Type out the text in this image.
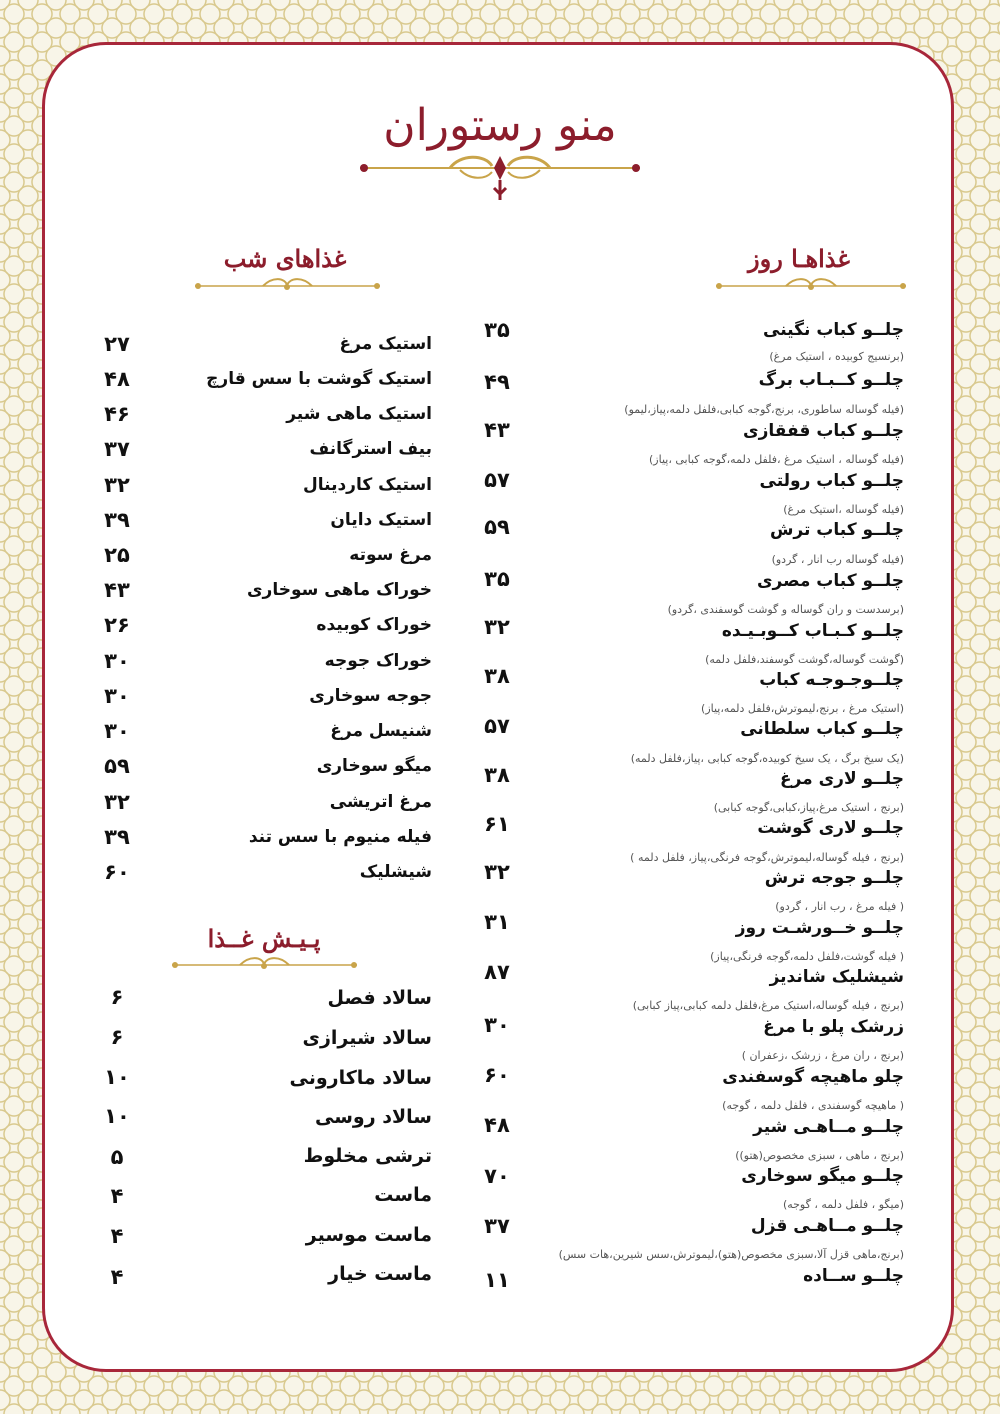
منو رستوران
غذاهـا روز
غذاهای شب
پـیـش غــذا
چلــو کباب نگینی
(برنسیج کوبیده ، استیک مرغ)
۳۵
چلــو کــبـاب برگ
(فیله گوساله ساطوری، برنج،گوجه کبابی،فلفل دلمه،پیاز،لیمو)
۴۹
چلــو کباب قفقازی
(فیله گوساله ، استیک مرغ ،فلفل دلمه،گوجه کبابی ،پیاز)
۴۳
چلــو کباب رولتی
(فیله گوساله ،استیک مرغ)
۵۷
چلــو کباب ترش
(فیله گوساله رب انار ، گردو)
۵۹
چلــو کباب مصری
(برسدست و ران گوساله و گوشت گوسفندی ،گردو)
۳۵
چلــو کـبـاب کــوبـیـده
(گوشت گوساله،گوشت گوسفند،فلفل دلمه)
۳۲
چلــوجـوجـه کباب
(استیک مرغ ، برنج،لیموترش،فلفل دلمه،پیاز)
۳۸
چلــو کباب سلطانی
(یک سیخ برگ ، یک سیخ کوبیده،گوجه کبابی ،پیاز،فلفل دلمه)
۵۷
چلــو لاری مرغ
(برنج ، استیک مرغ،پیاز،کبابی،گوجه کبابی)
۳۸
چلــو لاری گوشت
(برنج ، فیله گوساله،لیموترش،گوجه فرنگی،پیاز، فلفل دلمه )
۶۱
چلــو جوجه ترش
( فیله مرغ ، رب انار ، گردو)
۳۲
چلــو خــورشـت روز
( فیله گوشت،فلفل دلمه،گوجه فرنگی،پیاز)
۳۱
شیشلیک شاندیز
(برنج ، فیله گوساله،استیک مرغ،فلفل دلمه کبابی،پیاز کبابی)
۸۷
زرشک پلو با مرغ
(برنج ، ران مرغ ، زرشک ،زعفران )
۳۰
چلو ماهیچه گوسفندی
( ماهیچه گوسفندی ، فلفل دلمه ، گوجه)
۶۰
چلــو مــاهـی شیر
(برنج ، ماهی ، سبزی مخصوص(هتو))
۴۸
چلــو میگو سوخاری
(میگو ، فلفل دلمه ، گوجه)
۷۰
چلــو مــاهـی قزل
(برنج،ماهی قزل آلا،سبزی مخصوص(هتو)،لیموترش،سس شیرین،هات سس)
۳۷
چلــو ســاده
۱۱
استیک مرغ
۲۷
استیک گوشت با سس قارچ
۴۸
استیک ماهی شیر
۴۶
بیف استرگانف
۳۷
استیک کاردینال
۳۲
استیک دایان
۳۹
مرغ سوته
۲۵
خوراک ماهی سوخاری
۴۳
خوراک کوبیده
۲۶
خوراک جوجه
۳۰
جوجه سوخاری
۳۰
شنیسل مرغ
۳۰
میگو سوخاری
۵۹
مرغ اتریشی
۳۲
فیله منیوم با سس تند
۳۹
شیشلیک
۶۰
سالاد فصل
۶
سالاد شیرازی
۶
سالاد ماکارونی
۱۰
سالاد روسی
۱۰
ترشی مخلوط
۵
ماست
۴
ماست موسیر
۴
ماست خیار
۴
